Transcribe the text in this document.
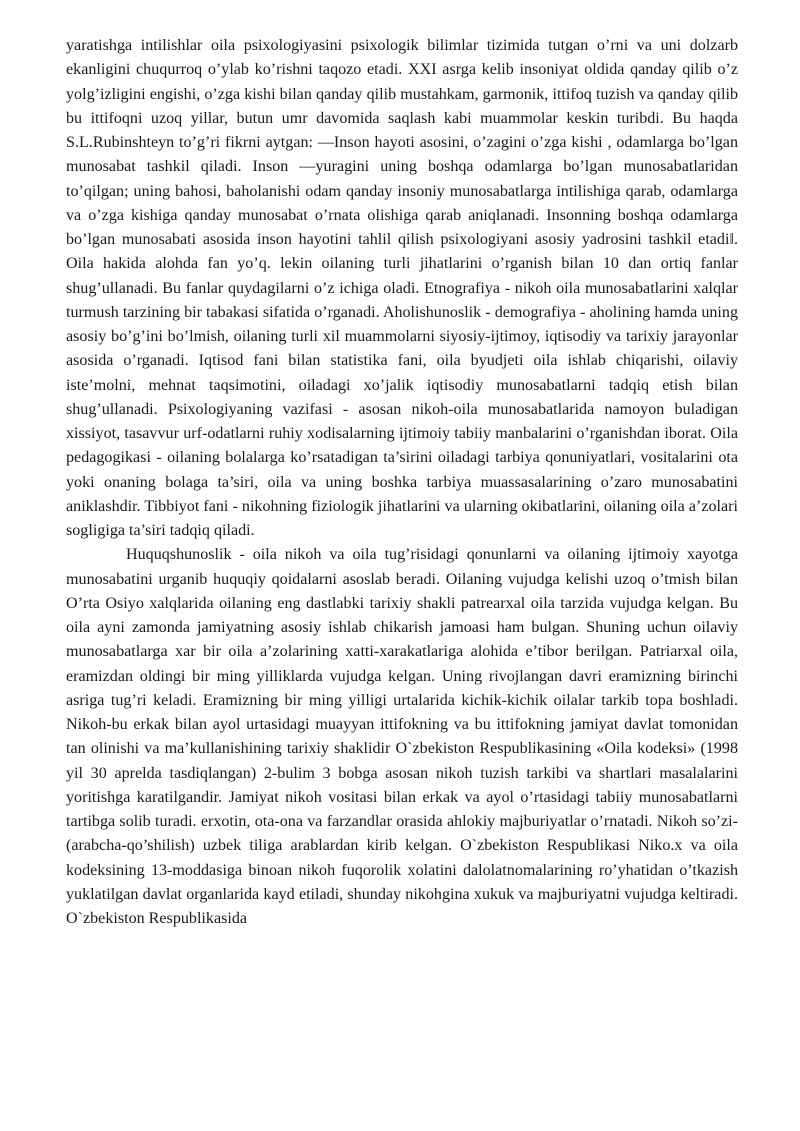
yaratishga intilishlar oila psixologiyasini psixologik bilimlar tizimida tutgan o’rni va uni dolzarb ekanligini chuqurroq o’ylab ko’rishni taqozo etadi. XXI asrga kelib insoniyat oldida qanday qilib o’z yolg’izligini engishi, o’zga kishi bilan qanday qilib mustahkam, garmonik, ittifoq tuzish va qanday qilib bu ittifoqni uzoq yillar, butun umr davomida saqlash kabi muammolar keskin turibdi. Bu haqda S.L.Rubinshteyn to’g’ri fikrni aytgan: ―Inson hayoti asosini, o’zagini o’zga kishi , odamlarga bo’lgan munosabat tashkil qiladi. Inson ―yuragini uning boshqa odamlarga bo’lgan munosabatlaridan to’qilgan; uning bahosi, baholanishi odam qanday insoniy munosabatlarga intilishiga qarab, odamlarga va o’zga kishiga qanday munosabat o’rnata olishiga qarab aniqlanadi. Insonning boshqa odamlarga bo’lgan munosabati asosida inson hayotini tahlil qilish psixologiyani asosiy yadrosini tashkil etadi‖. Oila hakida alohda fan yo’q. lekin oilaning turli jihatlarini o’rganish bilan 10 dan ortiq fanlar shug’ullanadi. Bu fanlar quydagilarni o’z ichiga oladi. Etnografiya - nikoh oila munosabatlarini xalqlar turmush tarzining bir tabakasi sifatida o’rganadi. Aholishunoslik - demografiya - aholining hamda uning asosiy bo’g’ini bo’lmish, oilaning turli xil muammolarni siyosiy-ijtimoy, iqtisodiy va tarixiy jarayonlar asosida o’rganadi. Iqtisod fani bilan statistika fani, oila byudjeti oila ishlab chiqarishi, oilaviy iste’molni, mehnat taqsimotini, oiladagi xo’jalik iqtisodiy munosabatlarni tadqiq etish bilan shug’ullanadi. Psixologiyaning vazifasi - asosan nikoh-oila munosabatlarida namoyon buladigan xissiyot, tasavvur urf-odatlarni ruhiy xodisalarning ijtimoiy tabiiy manbalarini o’rganishdan iborat. Oila pedagogikasi - oilaning bolalarga ko’rsatadigan ta’sirini oiladagi tarbiya qonuniyatlari, vositalarini ota yoki onaning bolaga ta’siri, oila va uning boshka tarbiya muassasalarining o’zaro munosabatini aniklashdir. Tibbiyot fani - nikohning fiziologik jihatlarini va ularning okibatlarini, oilaning oila a’zolari sogligiga ta’siri tadqiq qiladi.

Huquqshunoslik - oila nikoh va oila tug’risidagi qonunlarni va oilaning ijtimoiy xayotga munosabatini urganib huquqiy qoidalarni asoslab beradi. Oilaning vujudga kelishi uzoq o’tmish bilan O’rta Osiyo xalqlarida oilaning eng dastlabki tarixiy shakli patrearxal oila tarzida vujudga kelgan. Bu oila ayni zamonda jamiyatning asosiy ishlab chikarish jamoasi ham bulgan. Shuning uchun oilaviy munosabatlarga xar bir oila a’zolarining xatti-xarakatlariga alohida e’tibor berilgan. Patriarxal oila, eramizdan oldingi bir ming yilliklarda vujudga kelgan. Uning rivojlangan davri eramizning birinchi asriga tug’ri keladi. Eramizning bir ming yilligi urtalarida kichik-kichik oilalar tarkib topa boshladi. Nikoh-bu erkak bilan ayol urtasidagi muayyan ittifokning va bu ittifokning jamiyat davlat tomonidan tan olinishi va ma’kullanishining tarixiy shaklidir O`zbekiston Respublikasining «Oila kodeksi» (1998 yil 30 aprelda tasdiqlangan) 2-bulim 3 bobga asosan nikoh tuzish tarkibi va shartlari masalalarini yoritishga karatilgandir. Jamiyat nikoh vositasi bilan erkak va ayol o’rtasidagi tabiiy munosabatlarni tartibga solib turadi. erxotin, ota-ona va farzandlar orasida ahlokiy majburiyatlar o’rnatadi. Nikoh so’zi-(arabcha-qo’shilish) uzbek tiliga arablardan kirib kelgan. O`zbekiston Respublikasi Niko.x va oila kodeksining 13-moddasiga binoan nikoh fuqorolik xolatini dalolatnomalarining ro’yhatidan o’tkazish yuklatilgan davlat organlarida kayd etiladi, shunday nikohgina xukuk va majburiyatni vujudga keltiradi. O`zbekiston Respublikasida
